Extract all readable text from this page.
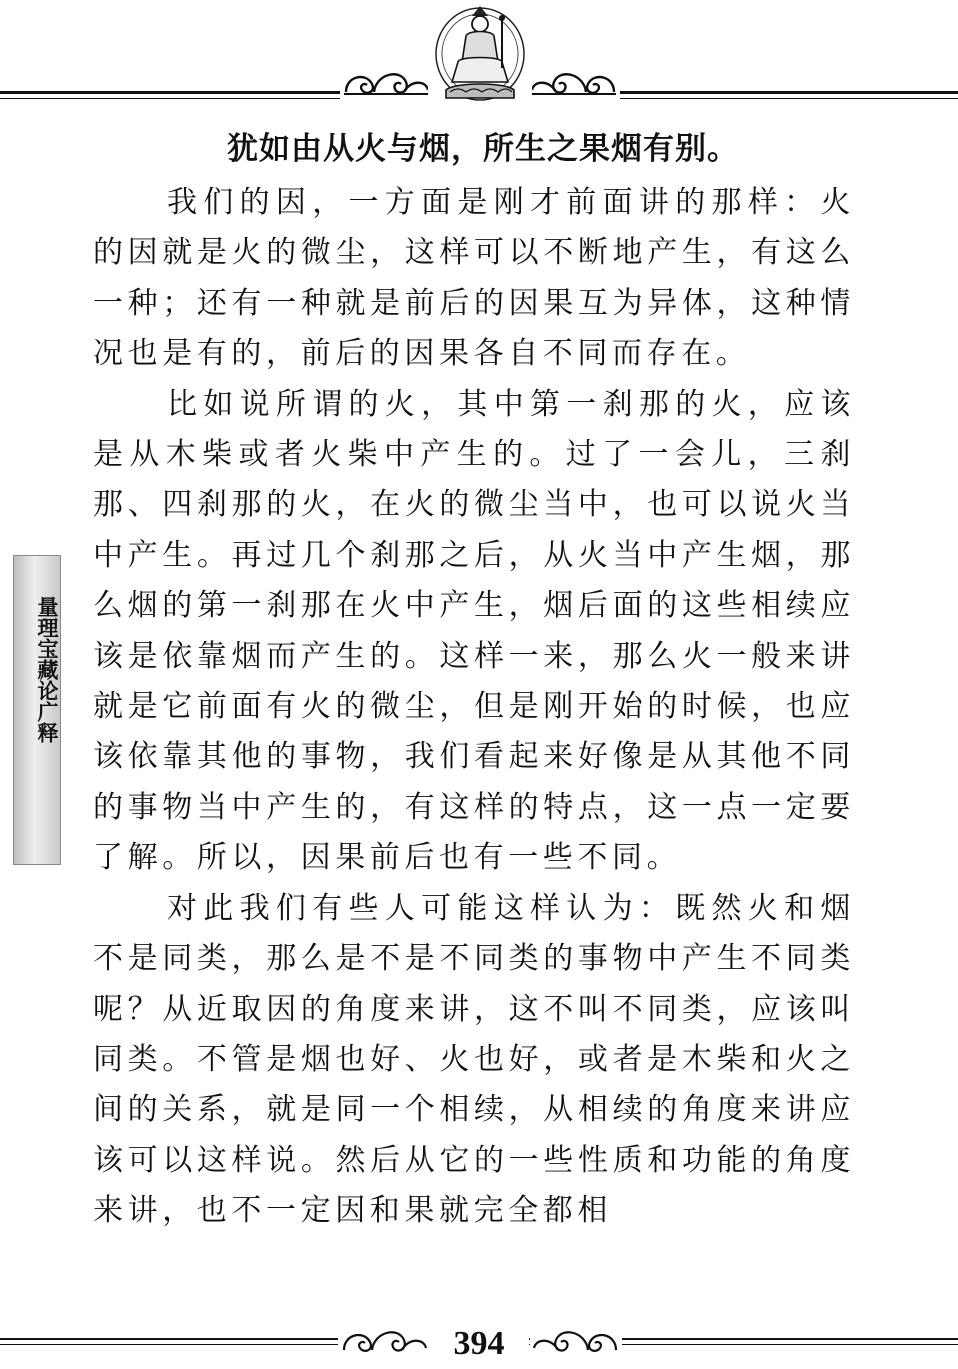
量理宝藏论广释
犹如由从火与烟，所生之果烟有别。

我们的因，一方面是刚才前面讲的那样：火的因就是火的微尘，这样可以不断地产生，有这么一种；还有一种就是前后的因果互为异体，这种情况也是有的，前后的因果各自不同而存在。

比如说所谓的火，其中第一刹那的火，应该是从木柴或者火柴中产生的。过了一会儿，三刹那、四刹那的火，在火的微尘当中，也可以说火当中产生。再过几个刹那之后，从火当中产生烟，那么烟的第一刹那在火中产生，烟后面的这些相续应该是依靠烟而产生的。这样一来，那么火一般来讲就是它前面有火的微尘，但是刚开始的时候，也应该依靠其他的事物，我们看起来好像是从其他不同的事物当中产生的，有这样的特点，这一点一定要了解。所以，因果前后也有一些不同。

对此我们有些人可能这样认为：既然火和烟不是同类，那么是不是不同类的事物中产生不同类呢？从近取因的角度来讲，这不叫不同类，应该叫同类。不管是烟也好、火也好，或者是木柴和火之间的关系，就是同一个相续，从相续的角度来讲应该可以这样说。然后从它的一些性质和功能的角度来讲，也不一定因和果就完全都相

394
